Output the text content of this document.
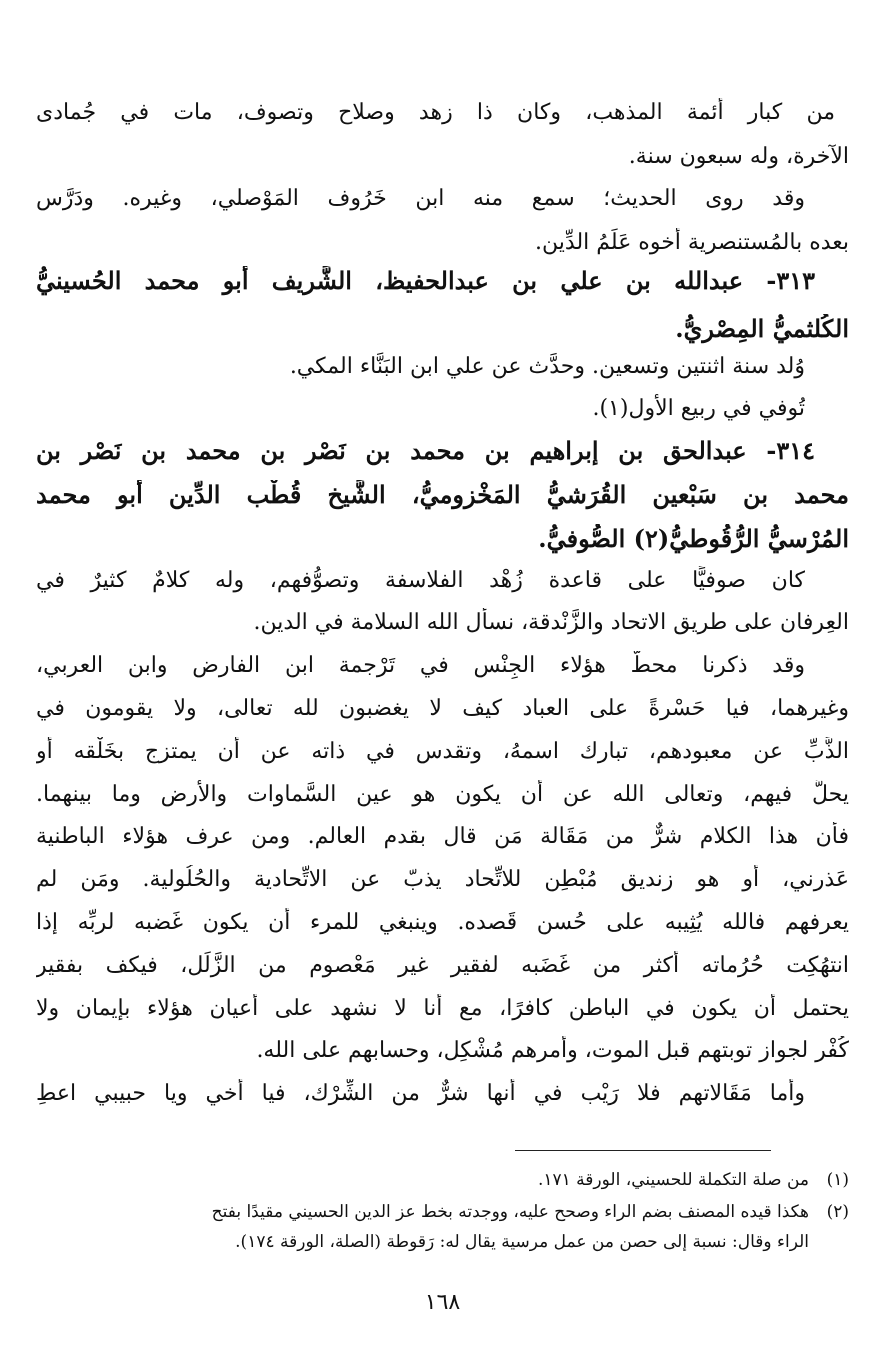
من كبار أئمة المذهب، وكان ذا زهد وصلاح وتصوف، مات في جُمادى
الآخرة، وله سبعون سنة.
وقد روى الحديث؛ سمع منه ابن خَرُوف المَوْصلي، وغيره. ودَرَّس
بعده بالمُستنصرية أخوه عَلَمُ الدِّين.
٣١٣- عبدالله بن علي بن عبدالحفيظ، الشَّريف أبو محمد الحُسينيُّ
الكُلثميُّ المِصْريُّ.
وُلد سنة اثنتين وتسعين. وحدَّث عن علي ابن البَنَّاء المكي.
تُوفي في ربيع الأول(١).
٣١٤- عبدالحق بن إبراهيم بن محمد بن نَصْر بن محمد بن نَصْر بن
محمد بن سَبْعين القُرَشيُّ المَخْزوميُّ، الشَّيخ قُطْب الدِّين أبو محمد
المُرْسيُّ الرُّقُوطيُّ(٢) الصُّوفيُّ.
كان صوفيًّا على قاعدة زُهْد الفلاسفة وتصوُّفهم، وله كلامٌ كثيرٌ في
العِرفان على طريق الاتحاد والزَّنْدقة، نسأل الله السلامة في الدين.
وقد ذكرنا محطَّ هؤلاء الجِنْس في تَرْجمة ابن الفارض وابن العربي،
وغيرهما، فيا حَسْرةً على العباد كيف لا يغضبون لله تعالى، ولا يقومون في
الذَّبِّ عن معبودهم، تبارك اسمهُ، وتقدس في ذاته عن أن يمتزج بخَلْقه أو
يحلَّ فيهم، وتعالى الله عن أن يكون هو عين السَّماوات والأرض وما بينهما.
فأن هذا الكلام شرٌّ من مَقَالة مَن قال بقدم العالم. ومن عرف هؤلاء الباطنية
عَذرني، أو هو زنديق مُبْطِن للاتِّحاد يذبّ عن الاتِّحادية والحُلُولية. ومَن لم
يعرفهم فالله يُثِيبه على حُسن قَصده. وينبغي للمرء أن يكون غَضبه لربِّه إذا
انتهُكِت حُرُماته أكثر من غَضَبه لفقير غير مَعْصوم من الزَّلَل، فيكف بفقير
يحتمل أن يكون في الباطن كافرًا، مع أنا لا نشهد على أعيان هؤلاء بإيمان ولا
كُفْر لجواز توبتهم قبل الموت، وأمرهم مُشْكِل، وحسابهم على الله.
وأما مَقَالاتهم فلا رَيْب في أنها شرٌّ من الشِّرْك، فيا أخي ويا حبيبي اعطِ
(١)من صلة التكملة للحسيني، الورقة ١٧١.
(٢)هكذا قيده المصنف بضم الراء وصحح عليه، ووجدته بخط عز الدين الحسيني مقيدًا بفتح
الراء وقال: نسبة إلى حصن من عمل مرسية يقال له: رَقوطة (الصلة، الورقة ١٧٤).
١٦٨
